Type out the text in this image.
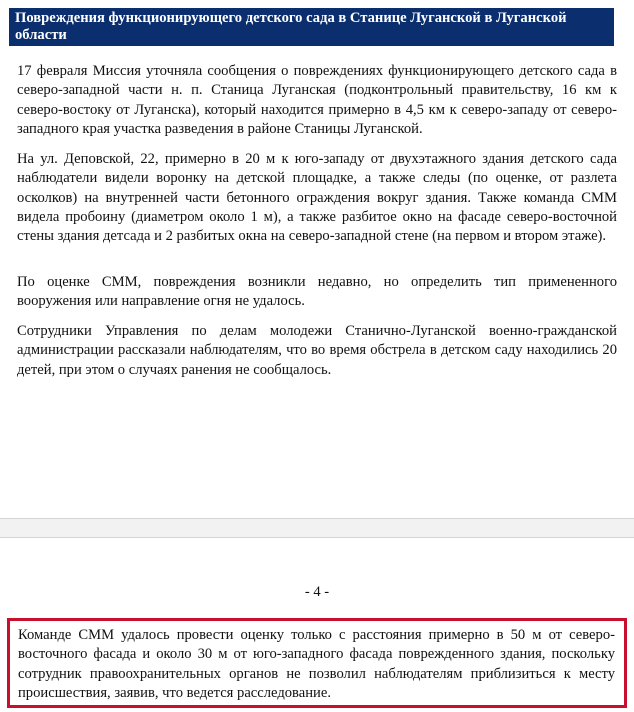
Повреждения функционирующего детского сада в Станице Луганской в Луганской области

17 февраля Миссия уточняла сообщения о повреждениях функционирующего детского сада в северо-западной части н. п. Станица Луганская (подконтрольный правительству, 16 км к северо-востоку от Луганска), который находится примерно в 4,5 км к северо-западу от северо-западного края участка разведения в районе Станицы Луганской.

На ул. Деповской, 22, примерно в 20 м к юго-западу от двухэтажного здания детского сада наблюдатели видели воронку на детской площадке, а также следы (по оценке, от разлета осколков) на внутренней части бетонного ограждения вокруг здания. Также команда СММ видела пробоину (диаметром около 1 м), а также разбитое окно на фасаде северо-восточной стены здания детсада и 2 разбитых окна на северо-западной стене (на первом и втором этаже).

По оценке СММ, повреждения возникли недавно, но определить тип примененного вооружения или направление огня не удалось.

Сотрудники Управления по делам молодежи Станично-Луганской военно-гражданской администрации рассказали наблюдателям, что во время обстрела в детском саду находились 20 детей, при этом о случаях ранения не сообщалось.

- 4 -

Команде СММ удалось провести оценку только с расстояния примерно в 50 м от северо-восточного фасада и около 30 м от юго-западного фасада поврежденного здания, поскольку сотрудник правоохранительных органов не позволил наблюдателям приблизиться к месту происшествия, заявив, что ведется расследование.
